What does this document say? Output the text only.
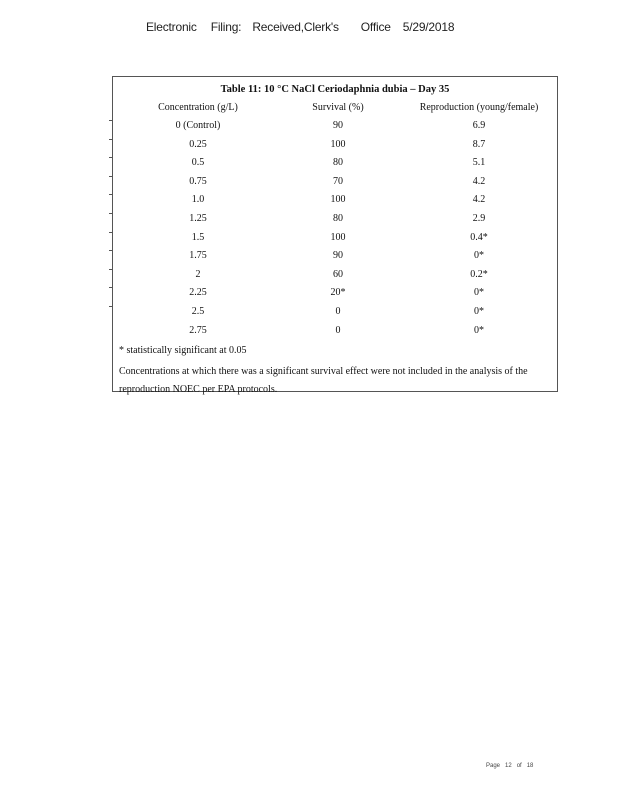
Electronic Filing: Received,Clerk's Office 5/29/2018
Table 11: 10 °C NaCl Ceriodaphnia dubia – Day 35
Concentration (g/L)	Survival (%)	Reproduction (young/female)
0 (Control)	90	6.9
0.25	100	8.7
0.5	80	5.1
0.75	70	4.2
1.0	100	4.2
1.25	80	2.9
1.5	100	0.4*
1.75	90	0*
2	60	0.2*
2.25	20*	0*
2.5	0	0*
2.75	0	0*
* statistically significant at 0.05
Concentrations at which there was a significant survival effect were not included in the analysis of the reproduction NOEC per EPA protocols.
Page 12 of 18
